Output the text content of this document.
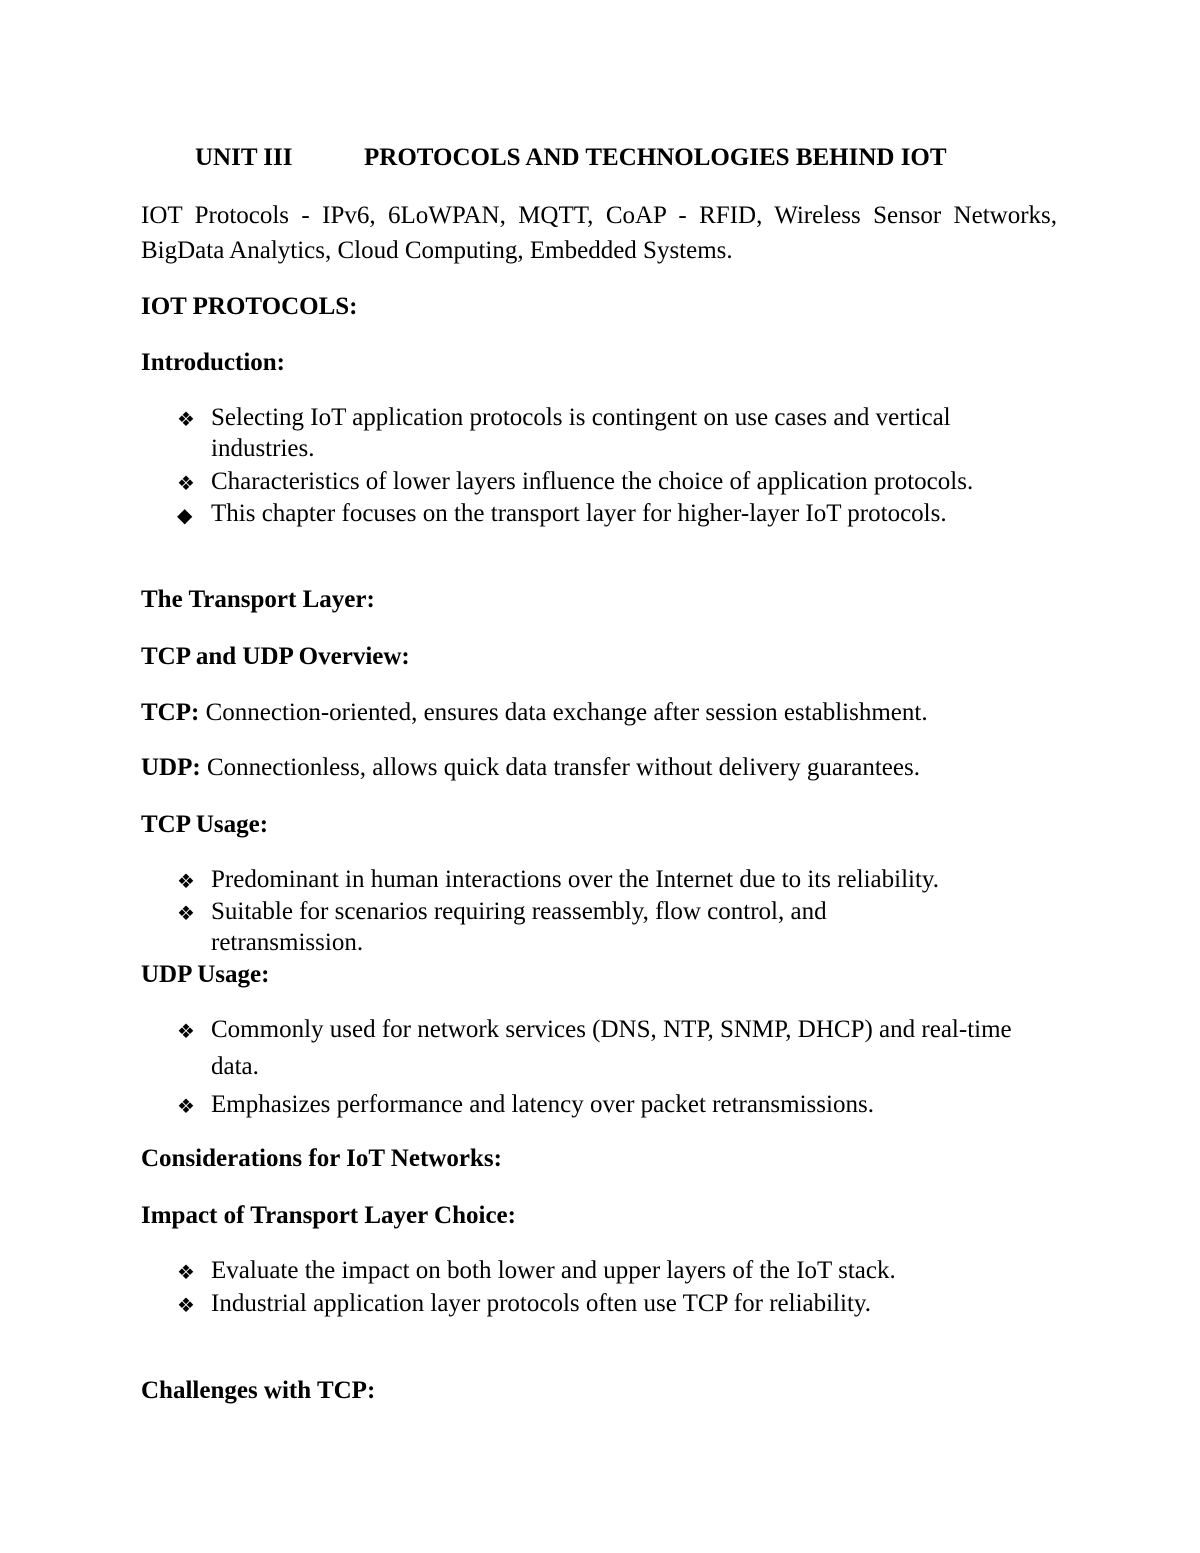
UNIT III	PROTOCOLS AND TECHNOLOGIES BEHIND IOT
IOT Protocols - IPv6, 6LoWPAN, MQTT, CoAP - RFID, Wireless Sensor Networks, BigData Analytics, Cloud Computing, Embedded Systems.
IOT PROTOCOLS:
Introduction:
❖ Selecting IoT application protocols is contingent on use cases and vertical industries.
❖ Characteristics of lower layers influence the choice of application protocols.
◆ This chapter focuses on the transport layer for higher-layer IoT protocols.
The Transport Layer:
TCP and UDP Overview:
TCP: Connection-oriented, ensures data exchange after session establishment.
UDP: Connectionless, allows quick data transfer without delivery guarantees.
TCP Usage:
❖ Predominant in human interactions over the Internet due to its reliability.
❖ Suitable for scenarios requiring reassembly, flow control, and retransmission.
UDP Usage:
❖ Commonly used for network services (DNS, NTP, SNMP, DHCP) and real-time data.
❖ Emphasizes performance and latency over packet retransmissions.
Considerations for IoT Networks:
Impact of Transport Layer Choice:
❖ Evaluate the impact on both lower and upper layers of the IoT stack.
❖ Industrial application layer protocols often use TCP for reliability.
Challenges with TCP:
